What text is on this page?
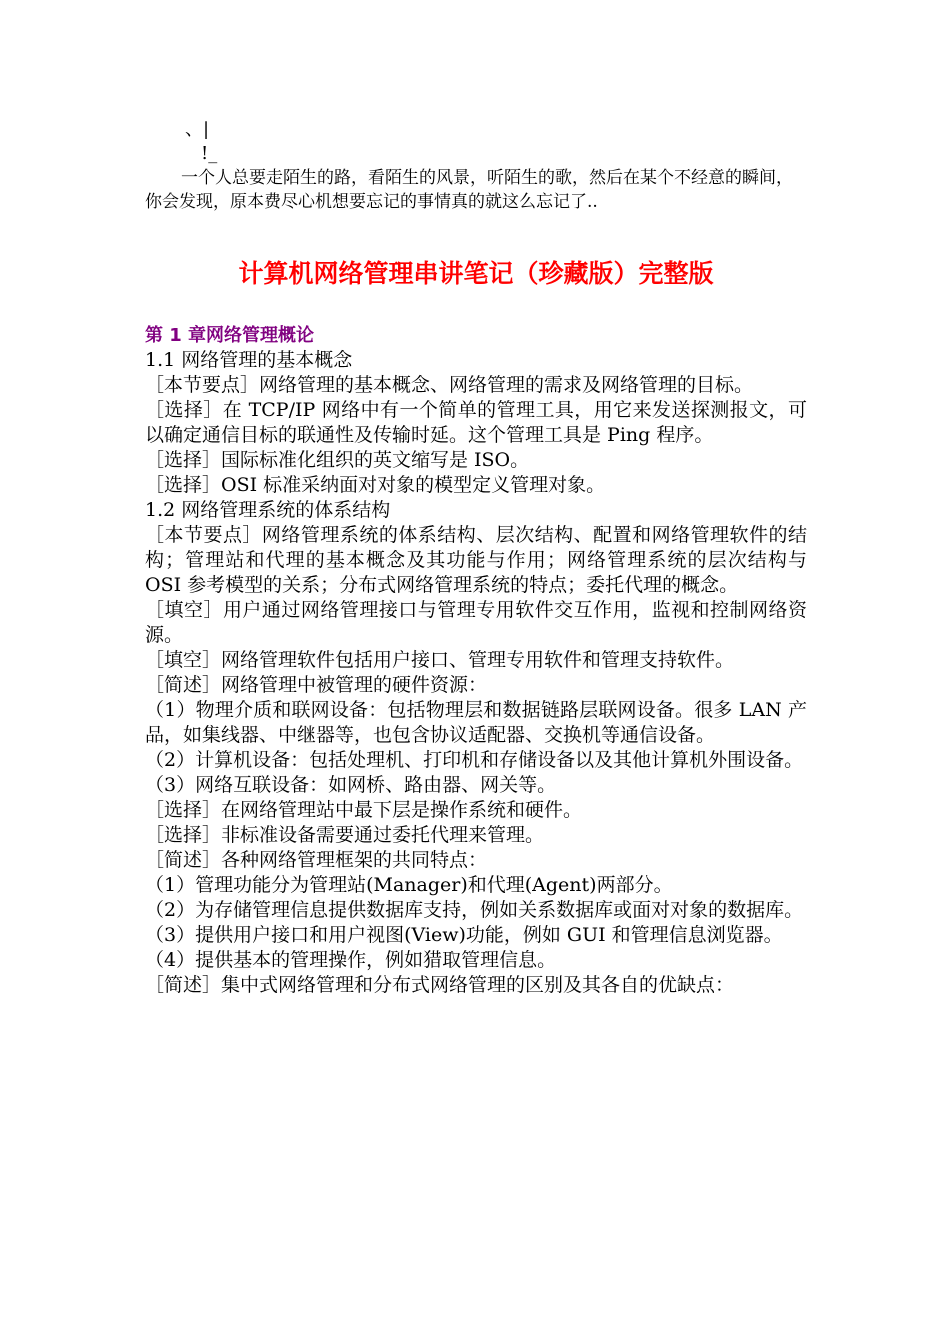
、|
!_

一个人总要走陌生的路，看陌生的风景，听陌生的歌，然后在某个不经意的瞬间，你会发现，原本费尽心机想要忘记的事情真的就这么忘记了..

计算机网络管理串讲笔记（珍藏版）完整版
第 1 章网络管理概论

1.1 网络管理的基本概念

［本节要点］网络管理的基本概念、网络管理的需求及网络管理的目标。

［选择］在 TCP/IP 网络中有一个简单的管理工具，用它来发送探测报文，可以确定通信目标的联通性及传输时延。这个管理工具是 Ping 程序。

［选择］国际标准化组织的英文缩写是 ISO。

［选择］OSI 标准采纳面对对象的模型定义管理对象。

1.2 网络管理系统的体系结构

［本节要点］网络管理系统的体系结构、层次结构、配置和网络管理软件的结构；管理站和代理的基本概念及其功能与作用；网络管理系统的层次结构与 OSI 参考模型的关系；分布式网络管理系统的特点；委托代理的概念。

［填空］用户通过网络管理接口与管理专用软件交互作用，监视和控制网络资源。

［填空］网络管理软件包括用户接口、管理专用软件和管理支持软件。

［简述］网络管理中被管理的硬件资源：

（1）物理介质和联网设备：包括物理层和数据链路层联网设备。很多 LAN 产品，如集线器、中继器等，也包含协议适配器、交换机等通信设备。

（2）计算机设备：包括处理机、打印机和存储设备以及其他计算机外围设备。

（3）网络互联设备：如网桥、路由器、网关等。

［选择］在网络管理站中最下层是操作系统和硬件。

［选择］非标准设备需要通过委托代理来管理。

［简述］各种网络管理框架的共同特点：

（1）管理功能分为管理站(Manager)和代理(Agent)两部分。

（2）为存储管理信息提供数据库支持，例如关系数据库或面对对象的数据库。

（3）提供用户接口和用户视图(View)功能，例如 GUI 和管理信息浏览器。

（4）提供基本的管理操作，例如猎取管理信息。

［简述］集中式网络管理和分布式网络管理的区别及其各自的优缺点：
